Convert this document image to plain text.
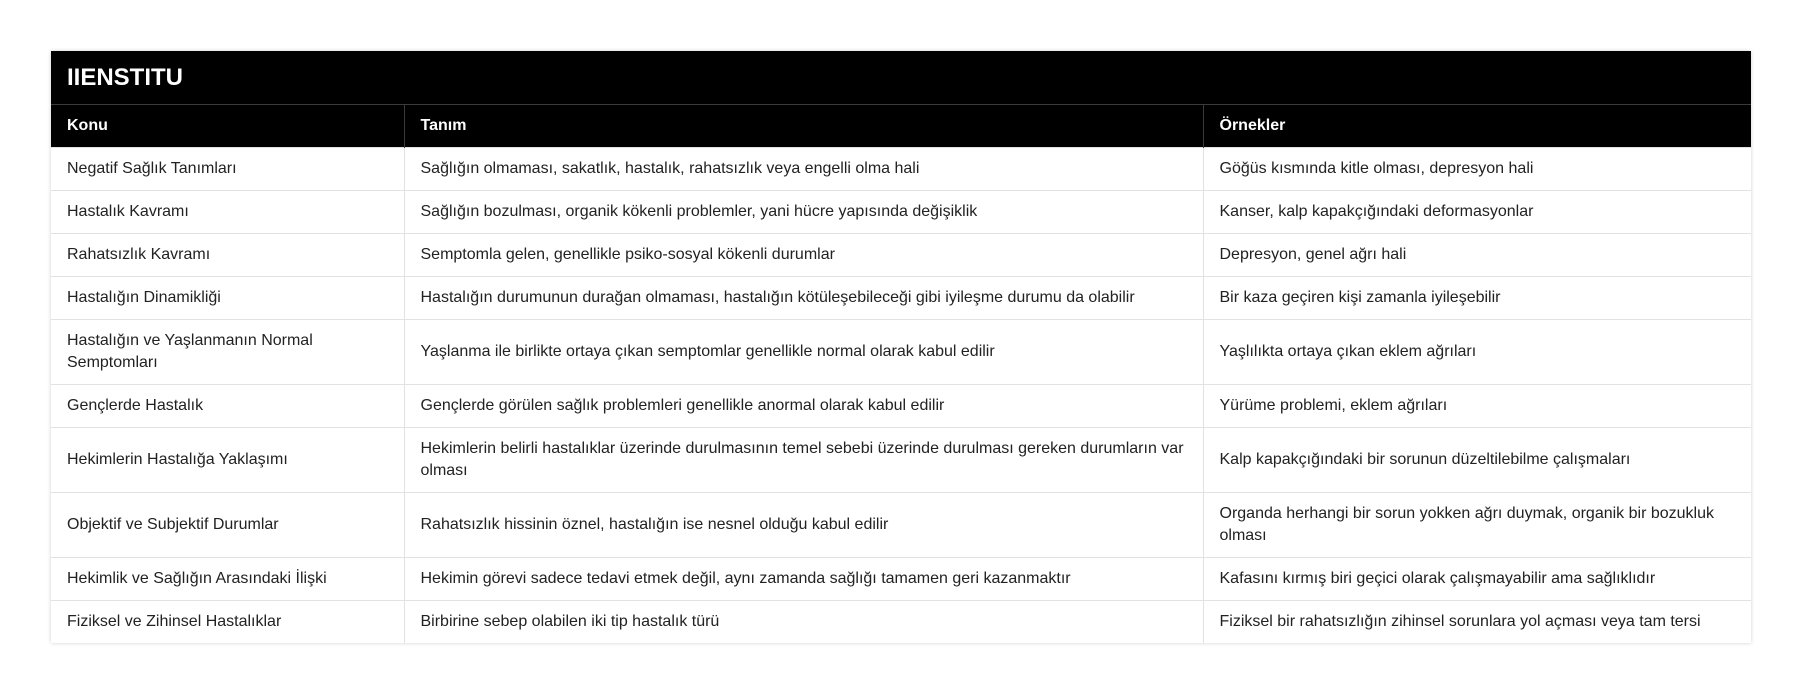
IIENSTITU
Konu	Tanım	Örnekler
Negatif Sağlık Tanımları	Sağlığın olmaması, sakatlık, hastalık, rahatsızlık veya engelli olma hali	Göğüs kısmında kitle olması, depresyon hali
Hastalık Kavramı	Sağlığın bozulması, organik kökenli problemler, yani hücre yapısında değişiklik	Kanser, kalp kapakçığındaki deformasyonlar
Rahatsızlık Kavramı	Semptomla gelen, genellikle psiko-sosyal kökenli durumlar	Depresyon, genel ağrı hali
Hastalığın Dinamikliği	Hastalığın durumunun durağan olmaması, hastalığın kötüleşebileceği gibi iyileşme durumu da olabilir	Bir kaza geçiren kişi zamanla iyileşebilir
Hastalığın ve Yaşlanmanın Normal Semptomları	Yaşlanma ile birlikte ortaya çıkan semptomlar genellikle normal olarak kabul edilir	Yaşlılıkta ortaya çıkan eklem ağrıları
Gençlerde Hastalık	Gençlerde görülen sağlık problemleri genellikle anormal olarak kabul edilir	Yürüme problemi, eklem ağrıları
Hekimlerin Hastalığa Yaklaşımı	Hekimlerin belirli hastalıklar üzerinde durulmasının temel sebebi üzerinde durulması gereken durumların var olması	Kalp kapakçığındaki bir sorunun düzeltilebilme çalışmaları
Objektif ve Subjektif Durumlar	Rahatsızlık hissinin öznel, hastalığın ise nesnel olduğu kabul edilir	Organda herhangi bir sorun yokken ağrı duymak, organik bir bozukluk olması
Hekimlik ve Sağlığın Arasındaki İlişki	Hekimin görevi sadece tedavi etmek değil, aynı zamanda sağlığı tamamen geri kazanmaktır	Kafasını kırmış biri geçici olarak çalışmayabilir ama sağlıklıdır
Fiziksel ve Zihinsel Hastalıklar	Birbirine sebep olabilen iki tip hastalık türü	Fiziksel bir rahatsızlığın zihinsel sorunlara yol açması veya tam tersi
